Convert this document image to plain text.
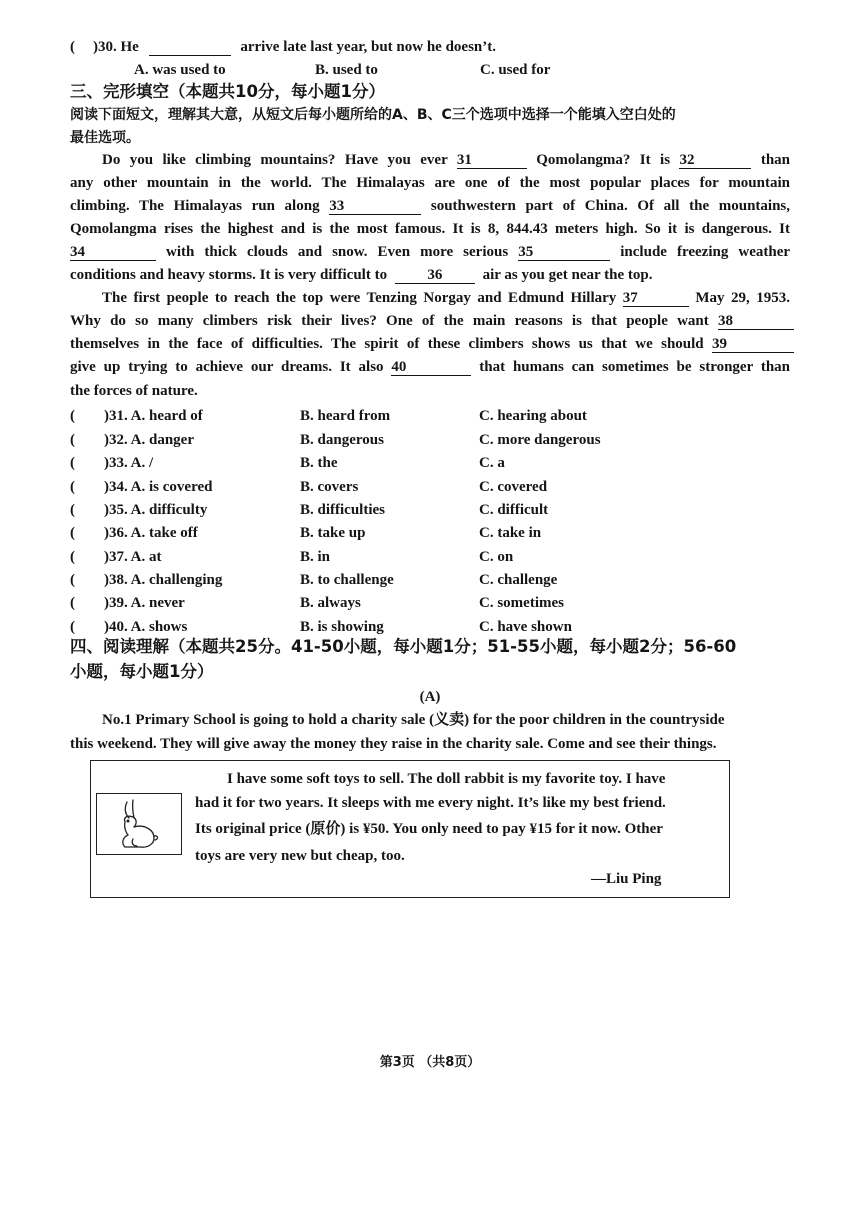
( )30. He	arrive late last year, but now he doesn’t.
A. was used to	B. used to	C. used for
三、完形填空（本题共10分，每小题1分）
阅读下面短文，理解其大意，从短文后每小题所给的A、B、C三个选项中选择一个能填入空白处的
最佳选项。
Do you like climbing mountains? Have you ever 31	Qomolangma? It is 32	than
any other mountain in the world. The Himalayas are one of the most popular places for mountain
climbing. The Himalayas run along 33	southwestern part of China. Of all the mountains,
Qomolangma rises the highest and is the most famous. It is 8, 844.43 meters high. So it is dangerous. It
34	with thick clouds and snow. Even more serious 35	include freezing weather
conditions and heavy storms. It is very difficult to	36	air as you get near the top.
The first people to reach the top were Tenzing Norgay and Edmund Hillary 37	May 29, 1953.
Why do so many climbers risk their lives? One of the main reasons is that people want 38
themselves in the face of difficulties. The spirit of these climbers shows us that we should 39
give up trying to achieve our dreams. It also 40	that humans can sometimes be stronger than
the forces of nature.
( )31. A. heard of	B. heard from	C. hearing about
( )32. A. danger	B. dangerous	C. more dangerous
( )33. A. /	B. the	C. a
( )34. A. is covered	B. covers	C. covered
( )35. A. difficulty	B. difficulties	C. difficult
( )36. A. take off	B. take up	C. take in
( )37. A. at	B. in	C. on
( )38. A. challenging	B. to challenge	C. challenge
( )39. A. never	B. always	C. sometimes
( )40. A. shows	B. is showing	C. have shown
四、阅读理解（本题共25分。41-50小题，每小题1分；51-55小题，每小题2分；56-60
小题，每小题1分）
(A)
No.1 Primary School is going to hold a charity sale (义卖) for the poor children in the countryside
this weekend. They will give away the money they raise in the charity sale. Come and see their things.
I have some soft toys to sell. The doll rabbit is my favorite toy. I have
had it for two years. It sleeps with me every night. It’s like my best friend.
Its original price (原价) is ¥50. You only need to pay ¥15 for it now. Other
toys are very new but cheap, too.
—Liu Ping
第3页 （共8页）
